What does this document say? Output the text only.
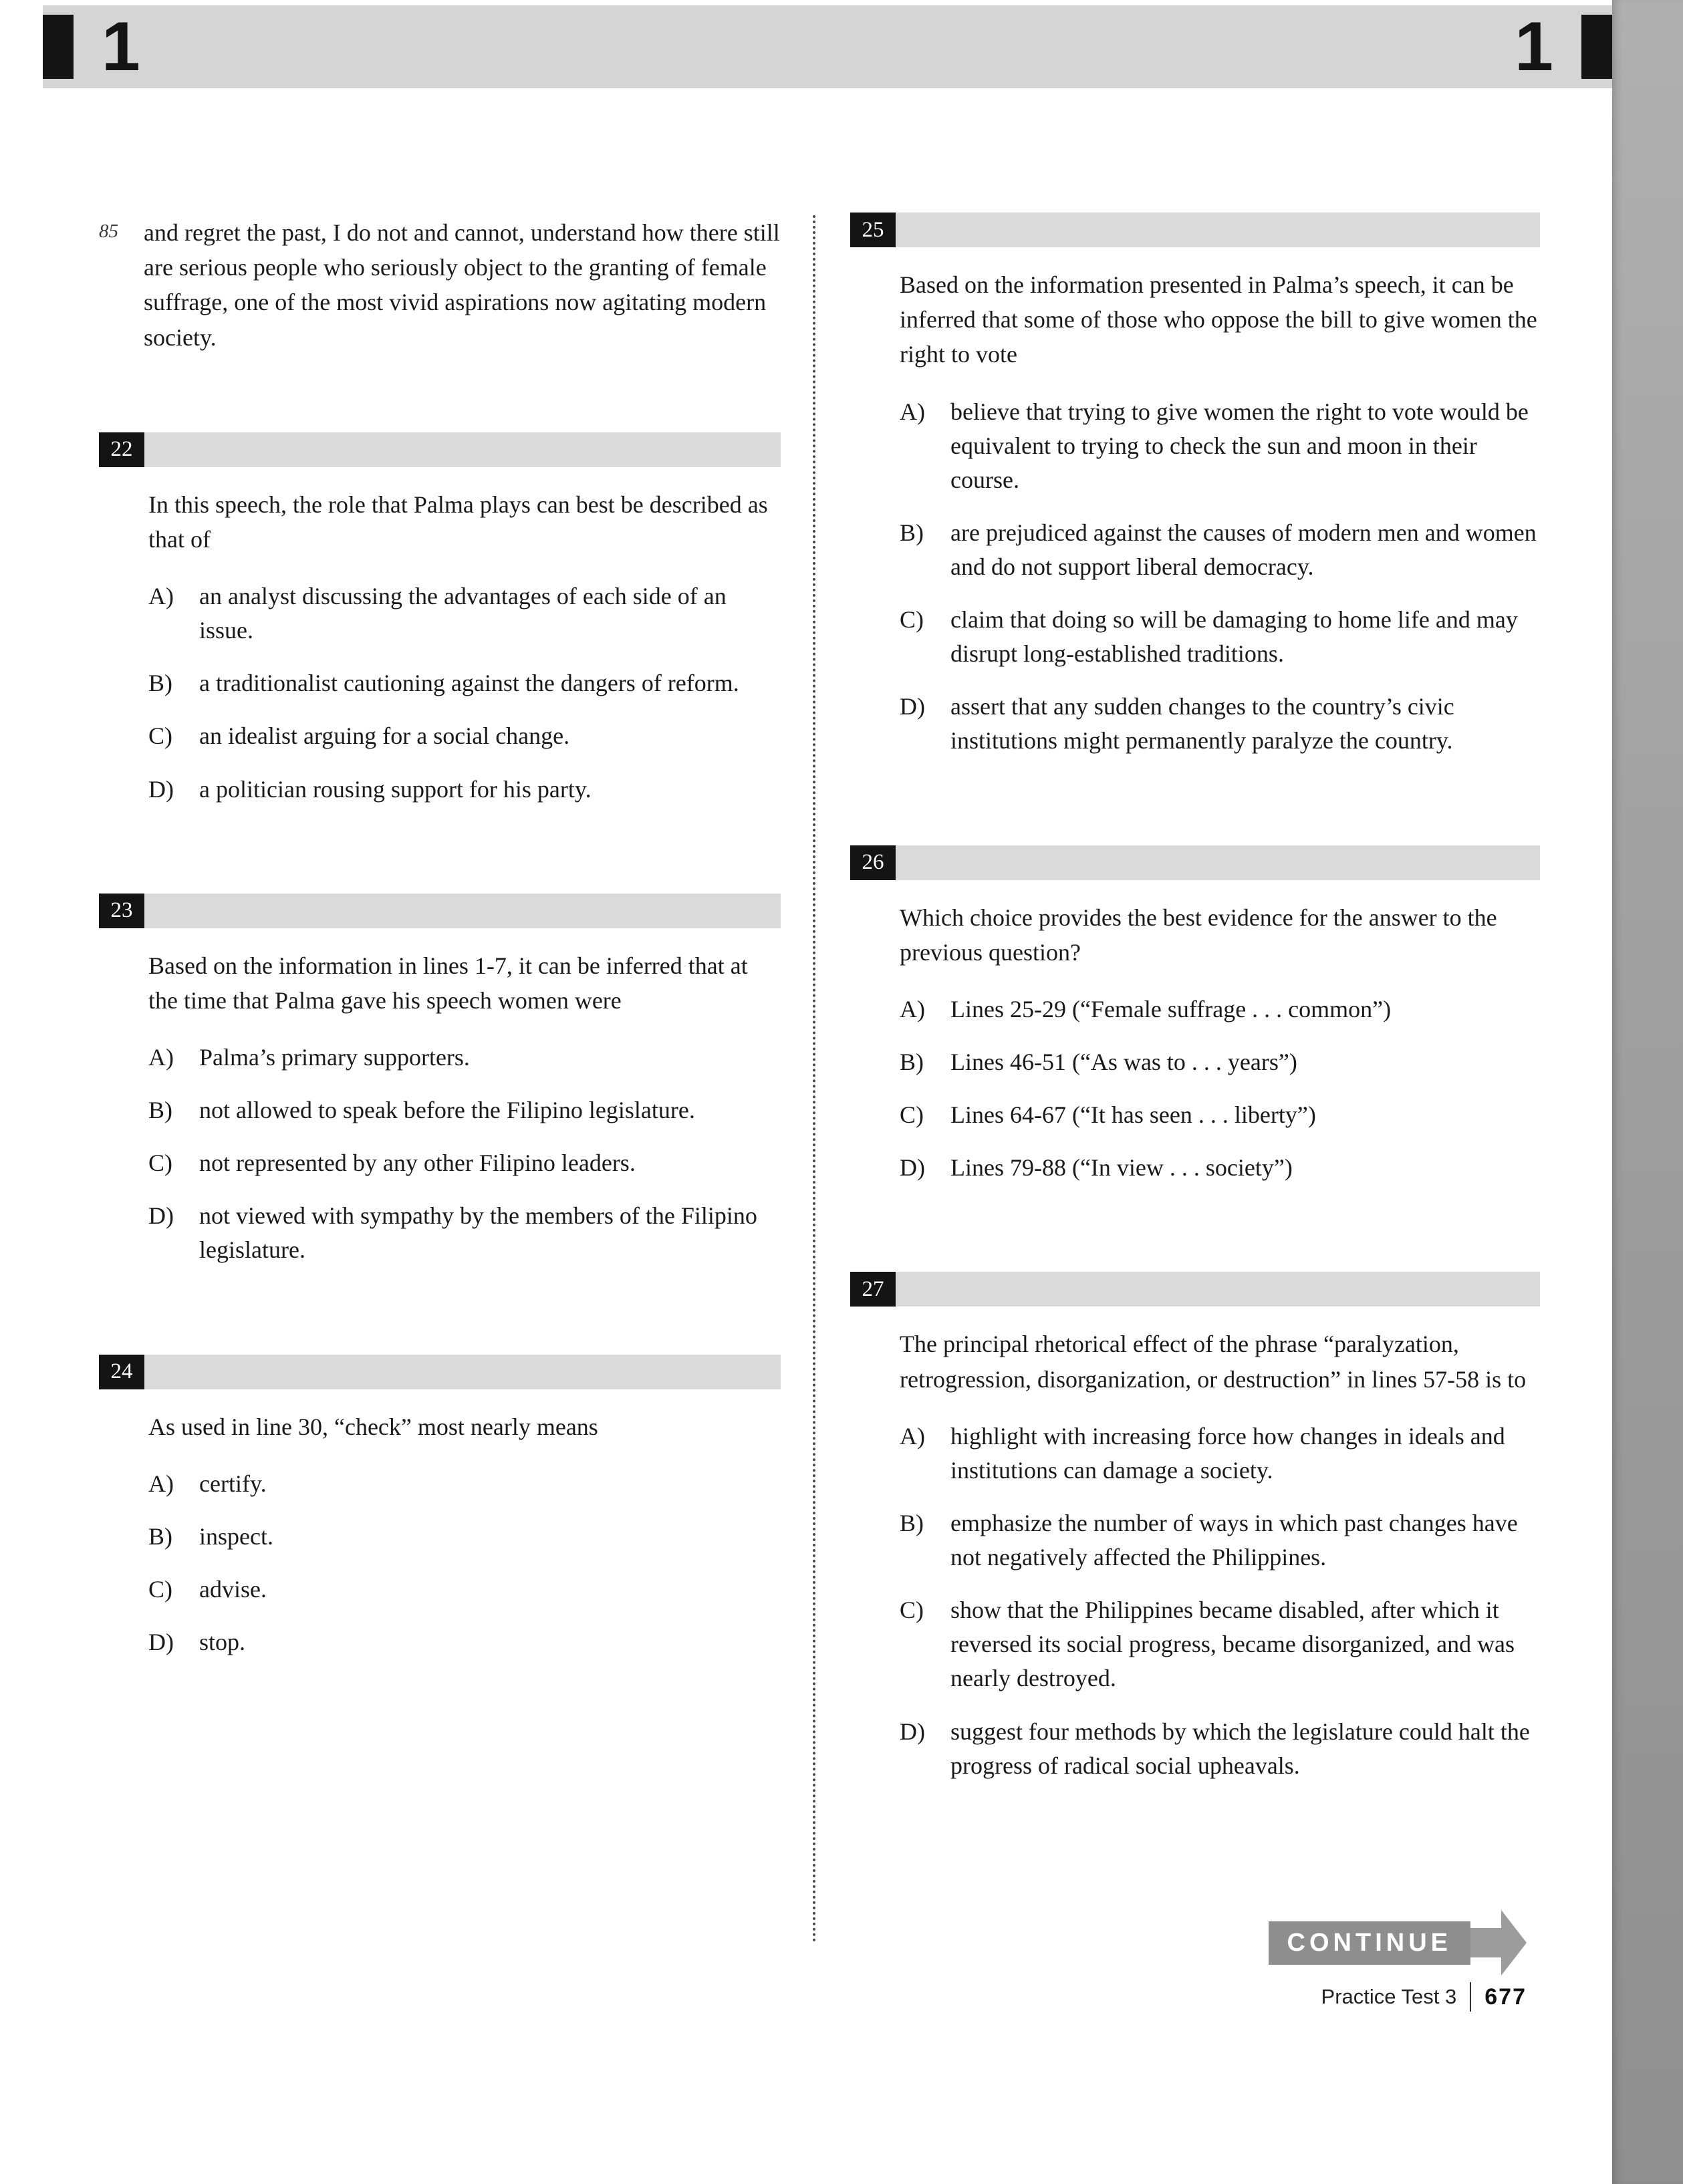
1	1
85	and regret the past, I do not and cannot, understand how there still are serious people who seriously object to the granting of female suffrage, one of the most vivid aspirations now agitating modern society.
22

In this speech, the role that Palma plays can best be described as that of

A)	an analyst discussing the advantages of each side of an issue.
B)	a traditionalist cautioning against the dangers of reform.
C)	an idealist arguing for a social change.
D)	a politician rousing support for his party.
23

Based on the information in lines 1-7, it can be inferred that at the time that Palma gave his speech women were

A)	Palma’s primary supporters.
B)	not allowed to speak before the Filipino legislature.
C)	not represented by any other Filipino leaders.
D)	not viewed with sympathy by the members of the Filipino legislature.
24

As used in line 30, “check” most nearly means

A)	certify.
B)	inspect.
C)	advise.
D)	stop.
25

Based on the information presented in Palma’s speech, it can be inferred that some of those who oppose the bill to give women the right to vote

A)	believe that trying to give women the right to vote would be equivalent to trying to check the sun and moon in their course.
B)	are prejudiced against the causes of modern men and women and do not support liberal democracy.
C)	claim that doing so will be damaging to home life and may disrupt long-established traditions.
D)	assert that any sudden changes to the country’s civic institutions might permanently paralyze the country.
26

Which choice provides the best evidence for the answer to the previous question?

A)	Lines 25-29 (“Female suffrage . . . common”)
B)	Lines 46-51 (“As was to . . . years”)
C)	Lines 64-67 (“It has seen . . . liberty”)
D)	Lines 79-88 (“In view . . . society”)
27

The principal rhetorical effect of the phrase “paralyzation, retrogression, disorganization, or destruction” in lines 57-58 is to

A)	highlight with increasing force how changes in ideals and institutions can damage a society.
B)	emphasize the number of ways in which past changes have not negatively affected the Philippines.
C)	show that the Philippines became disabled, after which it reversed its social progress, became disorganized, and was nearly destroyed.
D)	suggest four methods by which the legislature could halt the progress of radical social upheavals.
CONTINUE
Practice Test 3 677
